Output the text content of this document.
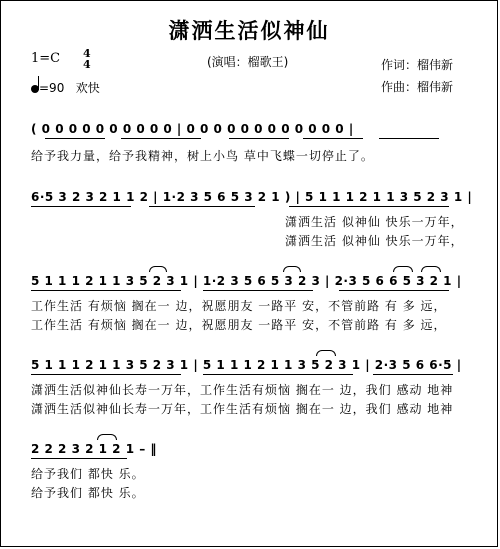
潇洒生活似神仙
1=C 4
4
=90 欢快
(演唱：榴歌王)	作词：榴伟新
作曲：榴伟新
( 0 0 0 0 0 0 0 0 0 0 | 0 0 0 0 0 0 0 0 0 0 0 0 |
给予我力量，给予我精神，树上小鸟 草中飞蝶一切停止了。
6·5 3 2 3 2 1 1 2 | 1·2 3 5 6 5 3 2 1 ) | 5 1 1 1 2 1 1 3 5 2 3 1 |
潇洒生活 似神仙 快乐一万年，
潇洒生活 似神仙 快乐一万年，
5 1 1 1 2 1 1 3 5 2 3 1 | 1·2 3 5 6 5 3 2 3 | 2·3 5 6 6 5 3 2 1 |
工作生活 有烦恼 搁在一 边，祝愿朋友 一路平 安，不管前路 有 多 远，
工作生活 有烦恼 搁在一 边，祝愿朋友 一路平 安，不管前路 有 多 远，
5 1 1 1 2 1 1 3 5 2 3 1 | 5 1 1 1 2 1 1 3 5 2 3 1 | 2·3 5 6 6·5 |
潇洒生活似神仙长寿一万年，工作生活有烦恼 搁在一 边，我们 感动 地神
潇洒生活似神仙长寿一万年，工作生活有烦恼 搁在一 边，我们 感动 地神
2 2 2 3 2 1 2 1 – ‖
给予我们 都快 乐。
给予我们 都快 乐。
